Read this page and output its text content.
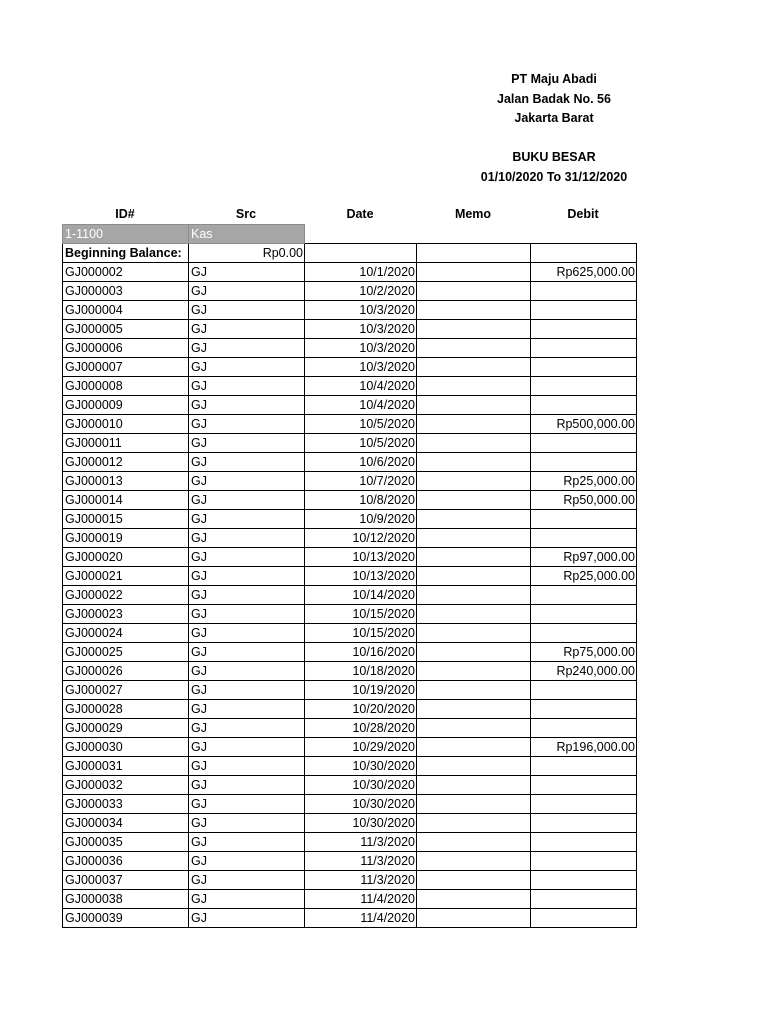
PT Maju Abadi
Jalan Badak No. 56
Jakarta Barat
BUKU BESAR
01/10/2020 To 31/12/2020
ID#	Src	Date	Memo	Debit
1-1100	Kas			
Beginning Balance:	Rp0.00			
GJ000002	GJ	10/1/2020		Rp625,000.00
GJ000003	GJ	10/2/2020		
GJ000004	GJ	10/3/2020		
GJ000005	GJ	10/3/2020		
GJ000006	GJ	10/3/2020		
GJ000007	GJ	10/3/2020		
GJ000008	GJ	10/4/2020		
GJ000009	GJ	10/4/2020		
GJ000010	GJ	10/5/2020		Rp500,000.00
GJ000011	GJ	10/5/2020		
GJ000012	GJ	10/6/2020		
GJ000013	GJ	10/7/2020		Rp25,000.00
GJ000014	GJ	10/8/2020		Rp50,000.00
GJ000015	GJ	10/9/2020		
GJ000019	GJ	10/12/2020		
GJ000020	GJ	10/13/2020		Rp97,000.00
GJ000021	GJ	10/13/2020		Rp25,000.00
GJ000022	GJ	10/14/2020		
GJ000023	GJ	10/15/2020		
GJ000024	GJ	10/15/2020		
GJ000025	GJ	10/16/2020		Rp75,000.00
GJ000026	GJ	10/18/2020		Rp240,000.00
GJ000027	GJ	10/19/2020		
GJ000028	GJ	10/20/2020		
GJ000029	GJ	10/28/2020		
GJ000030	GJ	10/29/2020		Rp196,000.00
GJ000031	GJ	10/30/2020		
GJ000032	GJ	10/30/2020		
GJ000033	GJ	10/30/2020		
GJ000034	GJ	10/30/2020		
GJ000035	GJ	11/3/2020		
GJ000036	GJ	11/3/2020		
GJ000037	GJ	11/3/2020		
GJ000038	GJ	11/4/2020		
GJ000039	GJ	11/4/2020		
